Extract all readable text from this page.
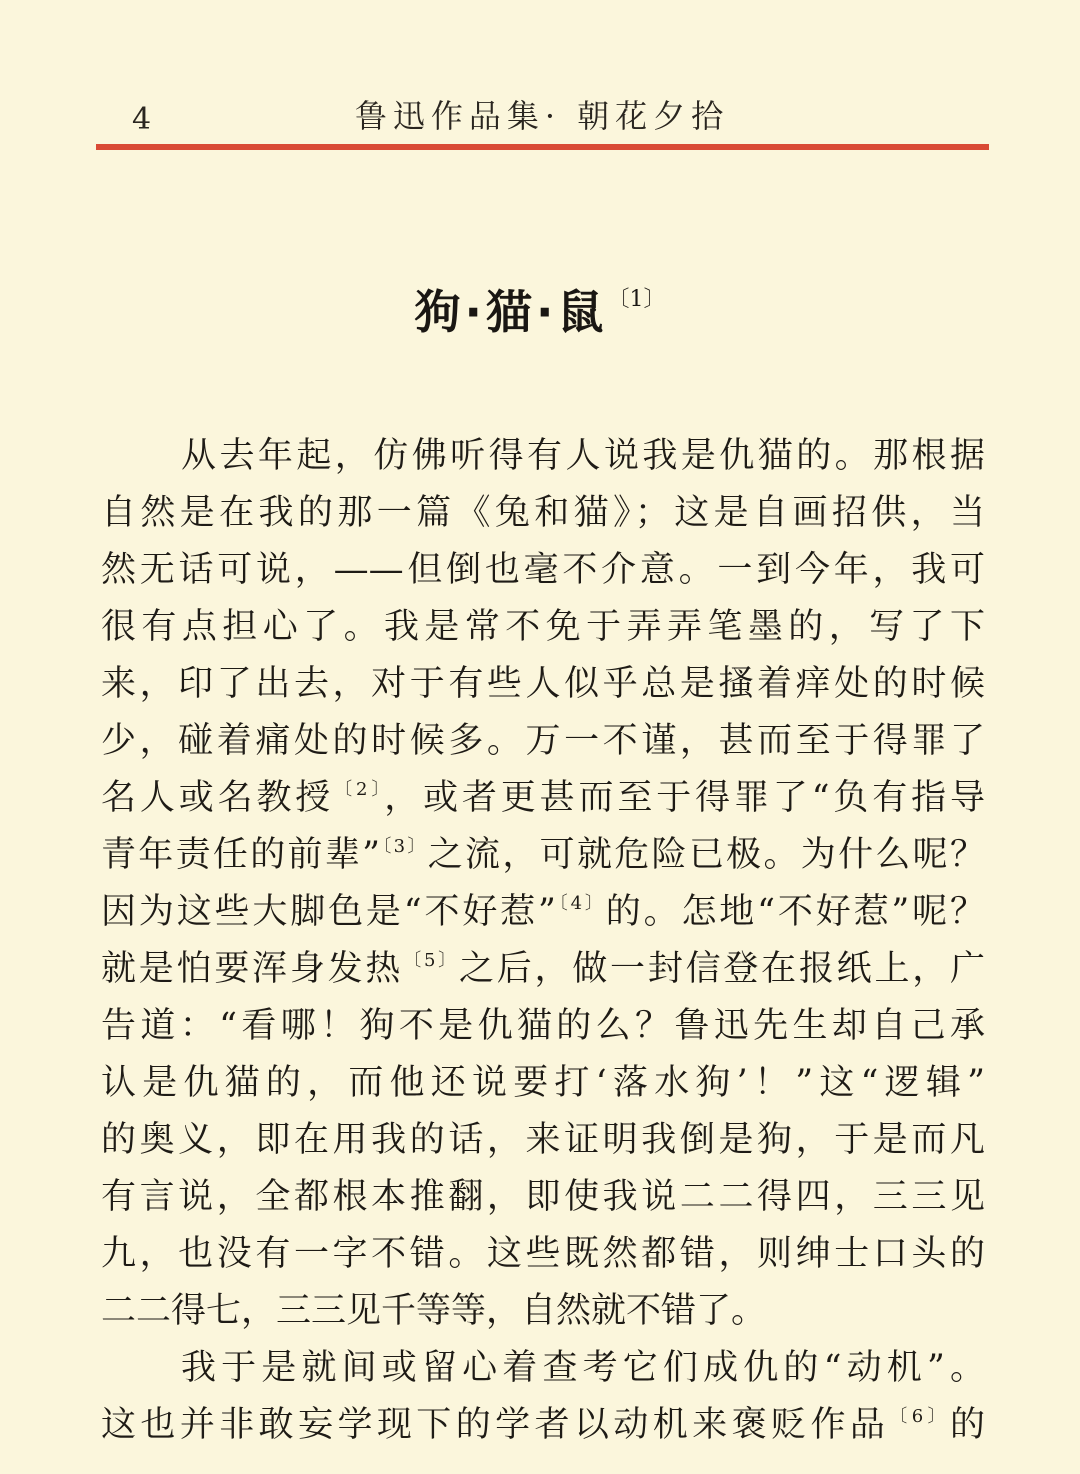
4	鲁迅作品集· 朝花夕拾
狗·猫·鼠$^{〔1〕}$
从去年起，仿佛听得有人说我是仇猫的。那根据
自然是在我的那一篇《兔和猫》；这是自画招供，当
然无话可说，——但倒也毫不介意。一到今年，我可
很有点担心了。我是常不免于弄弄笔墨的，写了下
来，印了出去，对于有些人似乎总是搔着痒处的时候
少，碰着痛处的时候多。万一不谨，甚而至于得罪了
名人或名教授$^{〔2〕}$，或者更甚而至于得罪了“负有指导
青年责任的前辈”$^{〔3〕}$之流，可就危险已极。为什么呢？
因为这些大脚色是“不好惹”$^{〔4〕}$的。怎地“不好惹”呢？
就是怕要浑身发热$^{〔5〕}$之后，做一封信登在报纸上，广
告道：“看哪！狗不是仇猫的么？鲁迅先生却自己承
认是仇猫的，而他还说要打‘落水狗’！”这“逻辑”
的奥义，即在用我的话，来证明我倒是狗，于是而凡
有言说，全都根本推翻，即使我说二二得四，三三见
九，也没有一字不错。这些既然都错，则绅士口头的
二二得七，三三见千等等，自然就不错了。
我于是就间或留心着查考它们成仇的“动机”。
这也并非敢妄学现下的学者以动机来褒贬作品$^{〔6〕}$的
